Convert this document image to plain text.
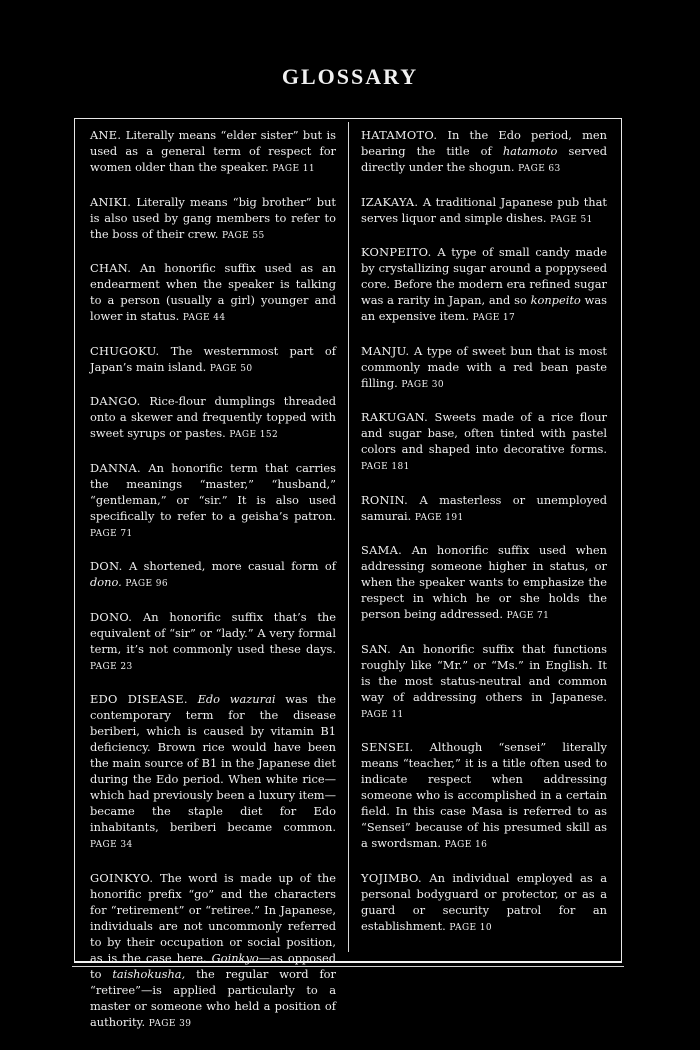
GLOSSARY

ANE. Literally means “elder sister” but is used as a general term of respect for women older than the speaker. PAGE 11

ANIKI. Literally means “big brother” but is also used by gang members to refer to the boss of their crew. PAGE 55

CHAN. An honorific suffix used as an endearment when the speaker is talking to a person (usually a girl) younger and lower in status. PAGE 44

CHUGOKU. The westernmost part of Japan’s main island. PAGE 50

DANGO. Rice-flour dumplings threaded onto a skewer and frequently topped with sweet syrups or pastes. PAGE 152

DANNA. An honorific term that carries the meanings “master,” “husband,” “gentleman,” or “sir.” It is also used specifically to refer to a geisha’s patron. PAGE 71

DON. A shortened, more casual form of dono. PAGE 96

DONO. An honorific suffix that’s the equivalent of “sir” or “lady.” A very formal term, it’s not commonly used these days. PAGE 23

EDO DISEASE. Edo wazurai was the contemporary term for the disease beriberi, which is caused by vitamin B1 deficiency. Brown rice would have been the main source of B1 in the Japanese diet during the Edo period. When white rice—which had previously been a luxury item—became the staple diet for Edo inhabitants, beriberi became common. PAGE 34

GOINKYO. The word is made up of the honorific prefix “go” and the characters for “retirement” or “retiree.” In Japanese, individuals are not uncommonly referred to by their occupation or social position, as is the case here. Goinkyo—as opposed to taishokusha, the regular word for “retiree”—is applied particularly to a master or someone who held a position of authority. PAGE 39

HATAMOTO. In the Edo period, men bearing the title of hatamoto served directly under the shogun. PAGE 63

IZAKAYA. A traditional Japanese pub that serves liquor and simple dishes. PAGE 51

KONPEITO. A type of small candy made by crystallizing sugar around a poppyseed core. Before the modern era refined sugar was a rarity in Japan, and so konpeito was an expensive item. PAGE 17

MANJU. A type of sweet bun that is most commonly made with a red bean paste filling. PAGE 30

RAKUGAN. Sweets made of a rice flour and sugar base, often tinted with pastel colors and shaped into decorative forms. PAGE 181

RONIN. A masterless or unemployed samurai. PAGE 191

SAMA. An honorific suffix used when addressing someone higher in status, or when the speaker wants to emphasize the respect in which he or she holds the person being addressed. PAGE 71

SAN. An honorific suffix that functions roughly like “Mr.” or “Ms.” in English. It is the most status-neutral and common way of addressing others in Japanese. PAGE 11

SENSEI. Although “sensei” literally means “teacher,” it is a title often used to indicate respect when addressing someone who is accomplished in a certain field. In this case Masa is referred to as “Sensei” because of his presumed skill as a swordsman. PAGE 16

YOJIMBO. An individual employed as a personal bodyguard or protector, or as a guard or security patrol for an establishment. PAGE 10
